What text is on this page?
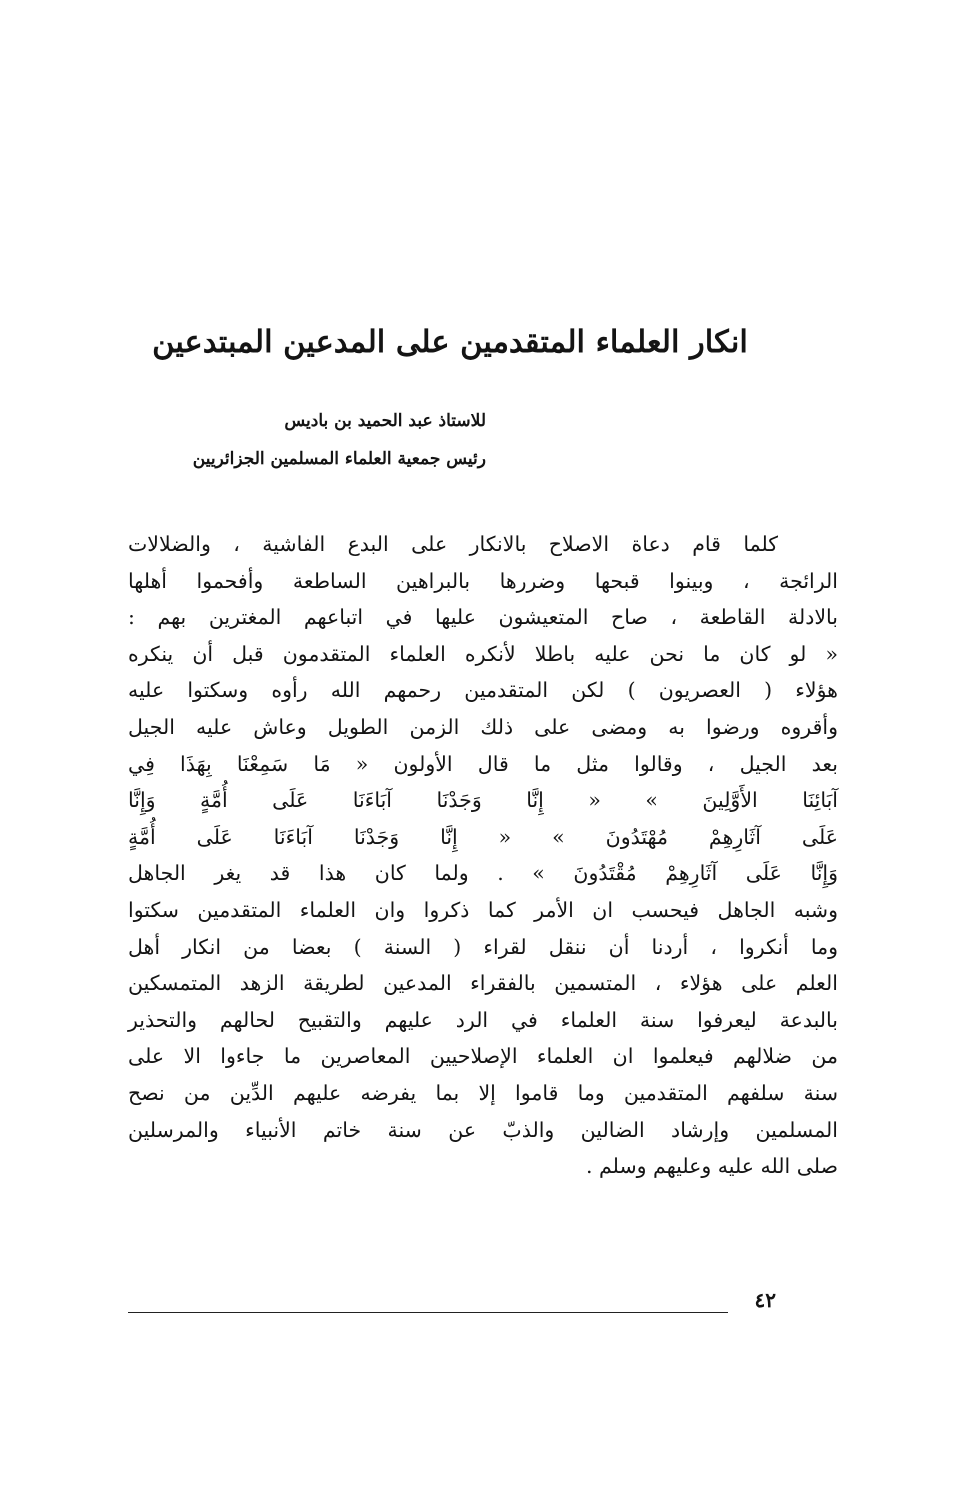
انكار العلماء المتقدمين على المدعين المبتدعين
للاستاذ عبد الحميد بن باديس
رئيس جمعية العلماء المسلمين الجزائريين
كلما قام دعاة الاصلاح بالانكار على البدع الفاشية ، والضلالات
الرائجة ، وبينوا قبحها وضررها بالبراهين الساطعة وأفحموا أهلها
بالادلة القاطعة ، صاح المتعيشون عليها في اتباعهم المغترين بهم :
« لو كان ما نحن عليه باطلا لأنكره العلماء المتقدمون قبل أن ينكره
هؤلاء ( العصريون ) لكن المتقدمين رحمهم الله رأوه وسكتوا عليه
وأقروه ورضوا به ومضى على ذلك الزمن الطويل وعاش عليه الجيل
بعد الجيل ، وقالوا مثل ما قال الأولون « مَا سَمِعْنَا بِهَذَا فِي
آبَائِنَا الأَوَّلِينَ » « إِنَّا وَجَدْنَا آبَاءَنَا عَلَى أُمَّةٍ وَإِنَّا
عَلَى آثَارِهِمْ مُهْتَدُونَ » « إِنَّا وَجَدْنَا آبَاءَنَا عَلَى أُمَّةٍ
وَإِنَّا عَلَى آثَارِهِمْ مُقْتَدُونَ » . ولما كان هذا قد يغر الجاهل
وشبه الجاهل فيحسب ان الأمر كما ذكروا وان العلماء المتقدمين سكتوا
وما أنكروا ، أردنا أن ننقل لقراء ( السنة ) بعضا من انكار أهل
العلم على هؤلاء ، المتسمين بالفقراء المدعين لطريقة الزهد المتمسكين
بالبدعة ليعرفوا سنة العلماء في الرد عليهم والتقبيح لحالهم والتحذير
من ضلالهم فيعلموا ان العلماء الإصلاحيين المعاصرين ما جاءوا الا على
سنة سلفهم المتقدمين وما قاموا إلا بما يفرضه عليهم الدِّين من نصح
المسلمين وإرشاد الضالين والذبّ عن سنة خاتم الأنبياء والمرسلين
صلى الله عليه وعليهم وسلم .
٤٢
